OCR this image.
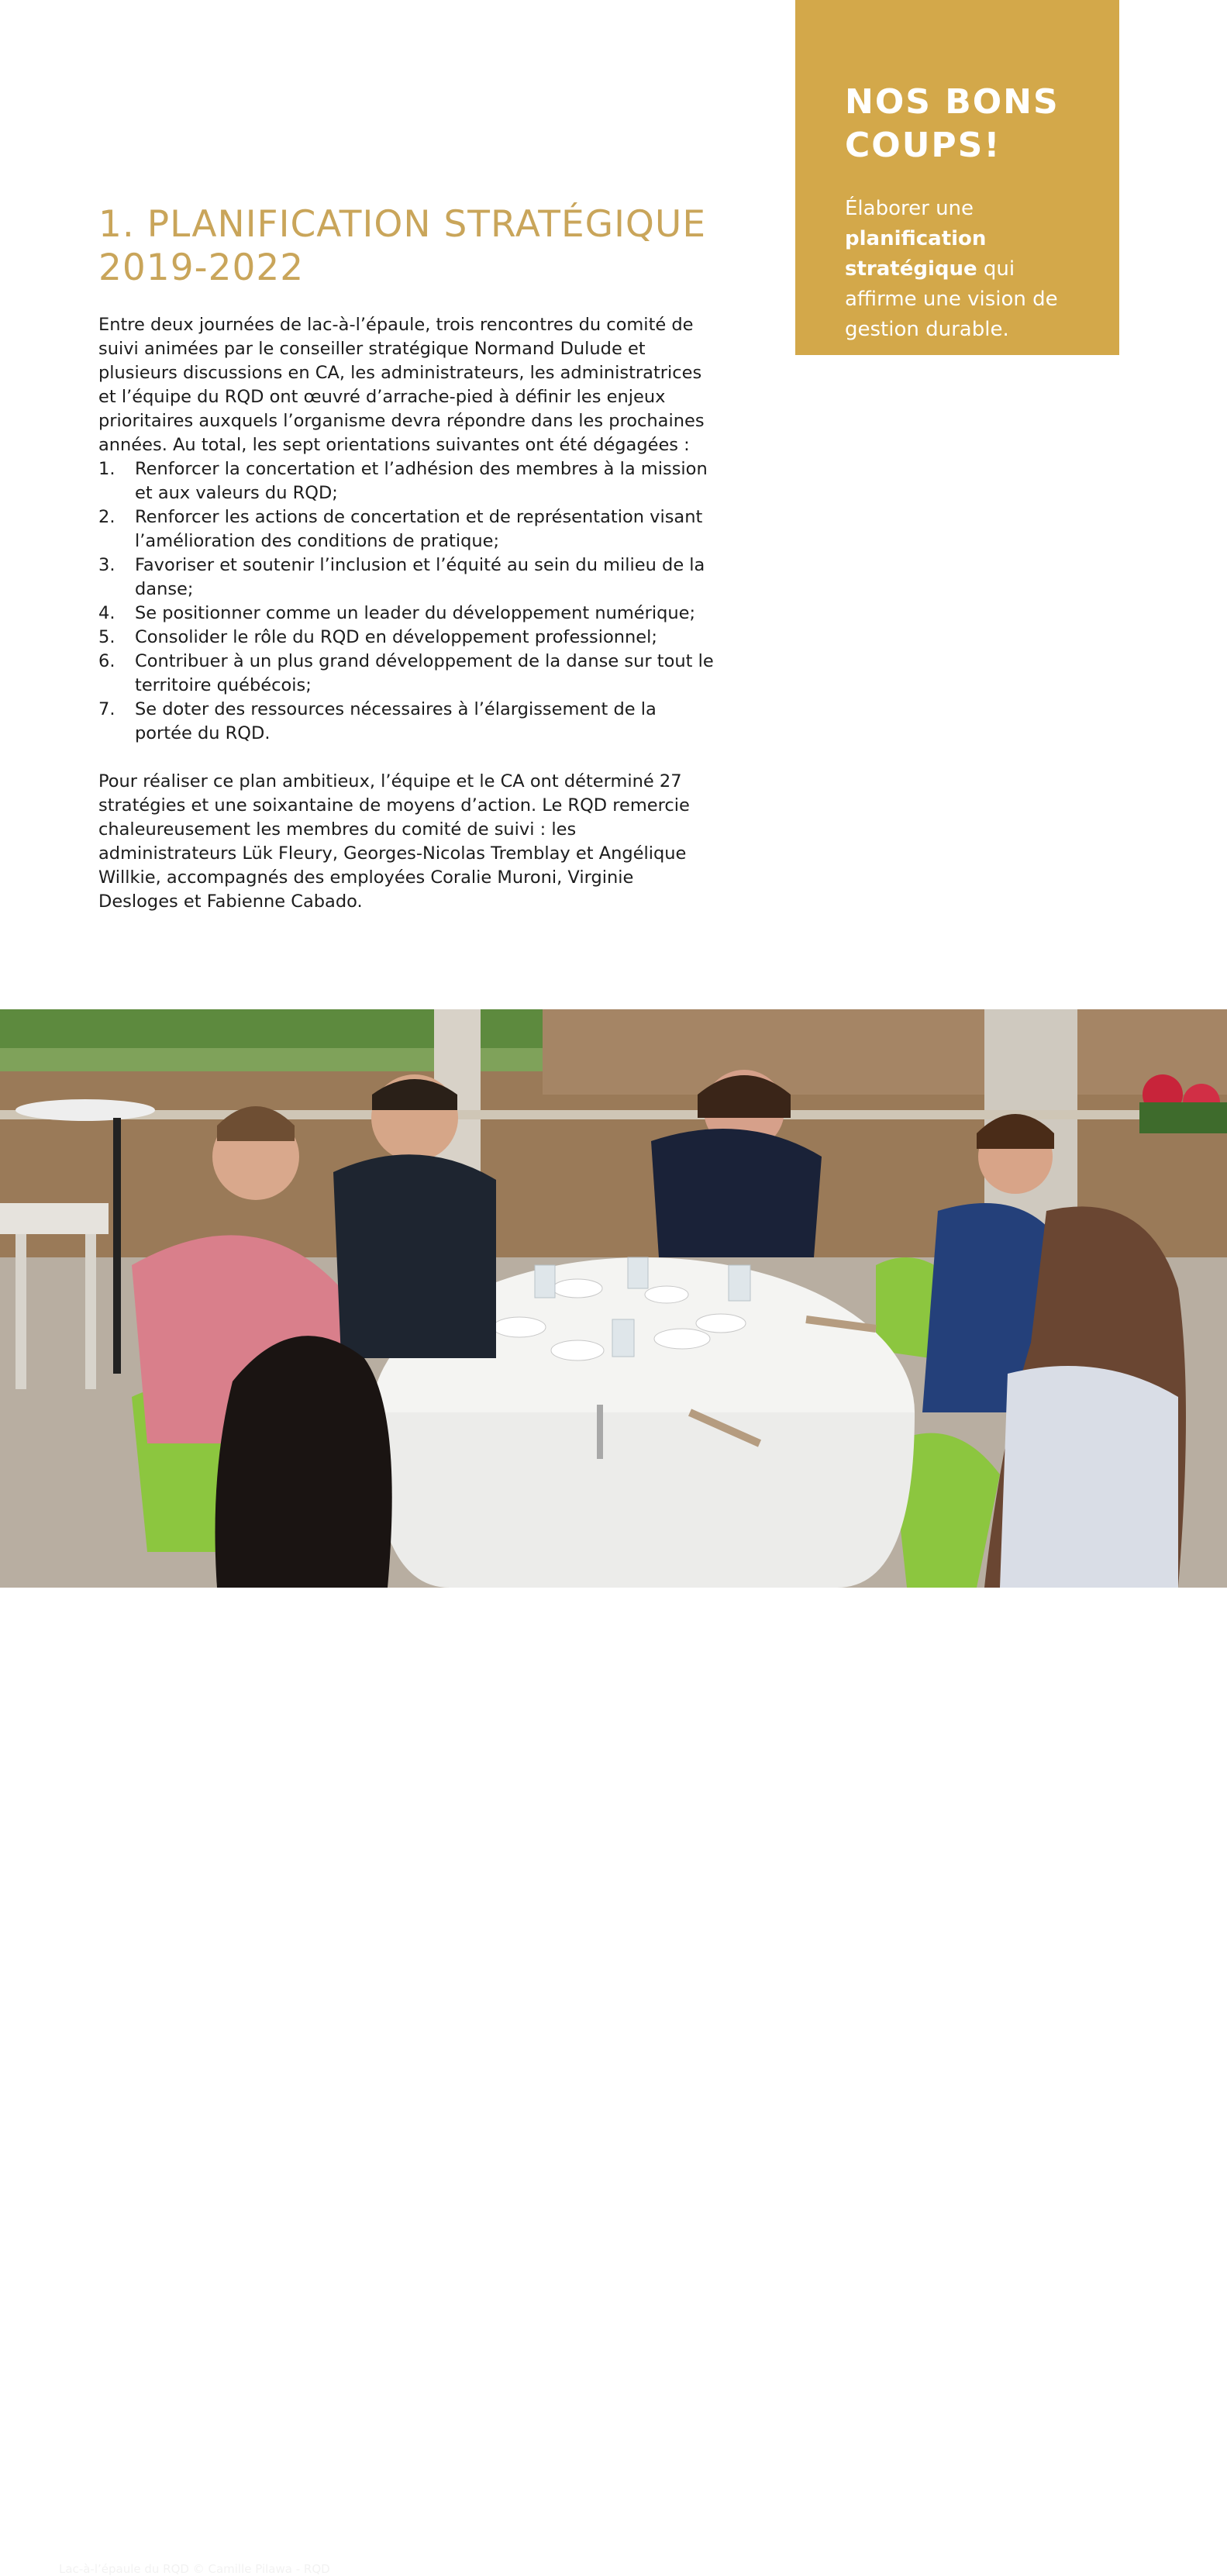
NOS BONS
COUPS!

Élaborer une planification stratégique qui affirme une vision de gestion durable.

1. PLANIFICATION STRATÉGIQUE
2019-2022

Entre deux journées de lac-à-l’épaule, trois rencontres du comité de suivi animées par le conseiller stratégique Normand Dulude et plusieurs discussions en CA, les administrateurs, les administratrices et l’équipe du RQD ont œuvré d’arrache-pied à définir les enjeux prioritaires auxquels l’organisme devra répondre dans les prochaines années. Au total, les sept orientations suivantes ont été dégagées :

1. Renforcer la concertation et l’adhésion des membres à la mission et aux valeurs du RQD;
2. Renforcer les actions de concertation et de représentation visant l’amélioration des conditions de pratique;
3. Favoriser et soutenir l’inclusion et l’équité au sein du milieu de la danse;
4. Se positionner comme un leader du développement numérique;
5. Consolider le rôle du RQD en développement professionnel;
6. Contribuer à un plus grand développement de la danse sur tout le territoire québécois;
7. Se doter des ressources nécessaires à l’élargissement de la portée du RQD.

Pour réaliser ce plan ambitieux, l’équipe et le CA ont déterminé 27 stratégies et une soixantaine de moyens d’action. Le RQD remercie chaleureusement les membres du comité de suivi : les administrateurs Lük Fleury, Georges-Nicolas Tremblay et Angélique Willkie, accompagnés des employées Coralie Muroni, Virginie Desloges et Fabienne Cabado.

Lac-à-l’épaule du RQD © Camille Pilawa - RQD
